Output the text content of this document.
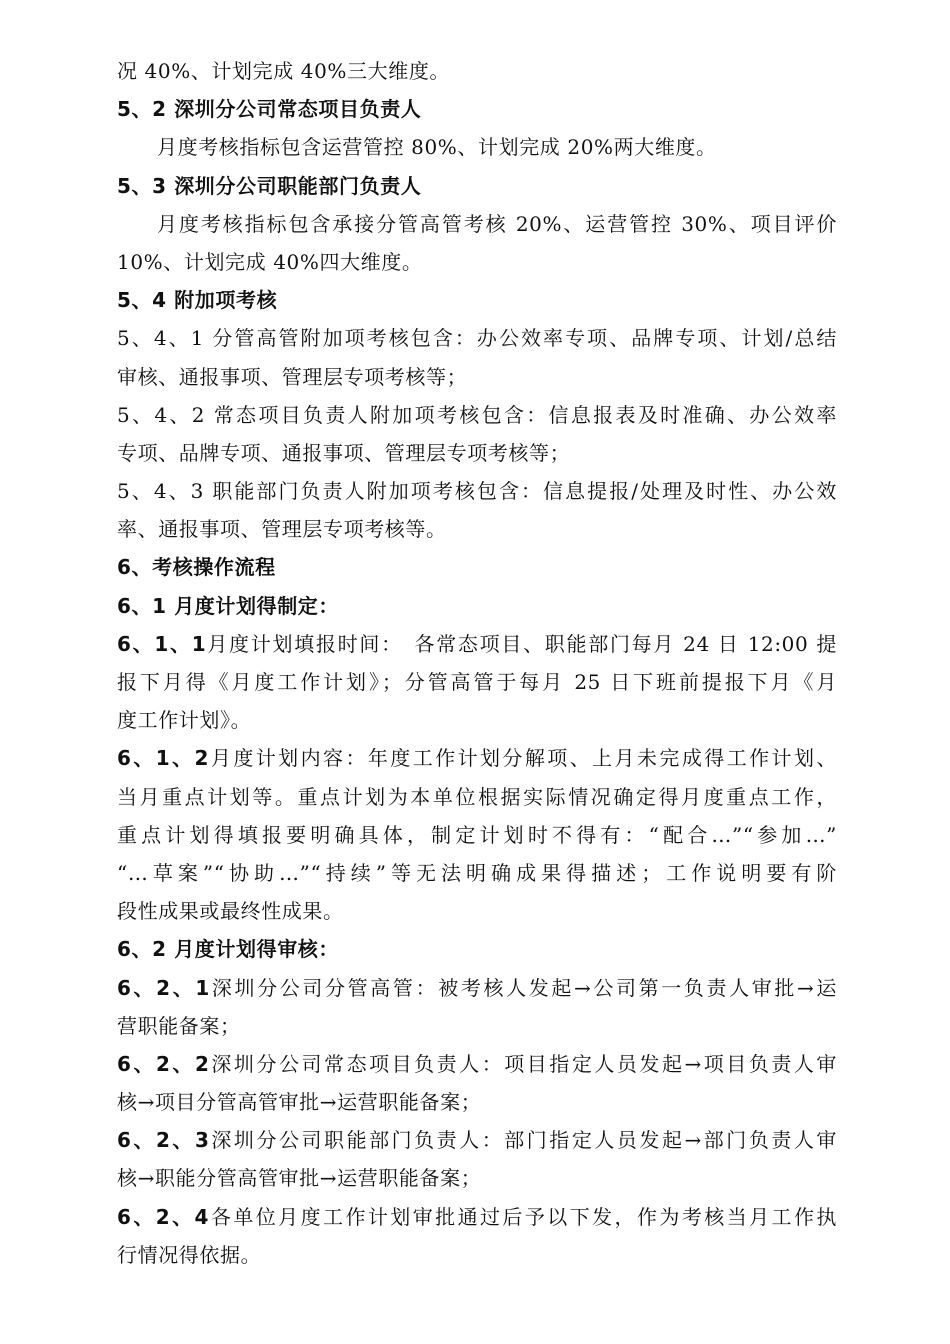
况 40%、计划完成 40%三大维度。
5、2 深圳分公司常态项目负责人
月度考核指标包含运营管控 80%、计划完成 20%两大维度。
5、3 深圳分公司职能部门负责人
月度考核指标包含承接分管高管考核 20%、运营管控 30%、项目评价
10%、计划完成 40%四大维度。
5、4 附加项考核
5、4、1 分管高管附加项考核包含：办公效率专项、品牌专项、计划/总结
审核、通报事项、管理层专项考核等；
5、4、2 常态项目负责人附加项考核包含：信息报表及时准确、办公效率
专项、品牌专项、通报事项、管理层专项考核等；
5、4、3 职能部门负责人附加项考核包含：信息提报/处理及时性、办公效
率、通报事项、管理层专项考核等。
6、考核操作流程
6、1 月度计划得制定：
6、1、1月度计划填报时间：　各常态项目、职能部门每月 24 日 12:00 提
报下月得《月度工作计划》；分管高管于每月 25 日下班前提报下月《月
度工作计划》。
6、1、2月度计划内容：年度工作计划分解项、上月未完成得工作计划、
当月重点计划等。重点计划为本单位根据实际情况确定得月度重点工作，
重点计划得填报要明确具体，制定计划时不得有：“配合…”“参加…”
“…草案”“协助…”“持续”等无法明确成果得描述；工作说明要有阶
段性成果或最终性成果。
6、2 月度计划得审核：
6、2、1深圳分公司分管高管：被考核人发起→公司第一负责人审批→运
营职能备案；
6、2、2深圳分公司常态项目负责人：项目指定人员发起→项目负责人审
核→项目分管高管审批→运营职能备案；
6、2、3深圳分公司职能部门负责人：部门指定人员发起→部门负责人审
核→职能分管高管审批→运营职能备案；
6、2、4各单位月度工作计划审批通过后予以下发，作为考核当月工作执
行情况得依据。
